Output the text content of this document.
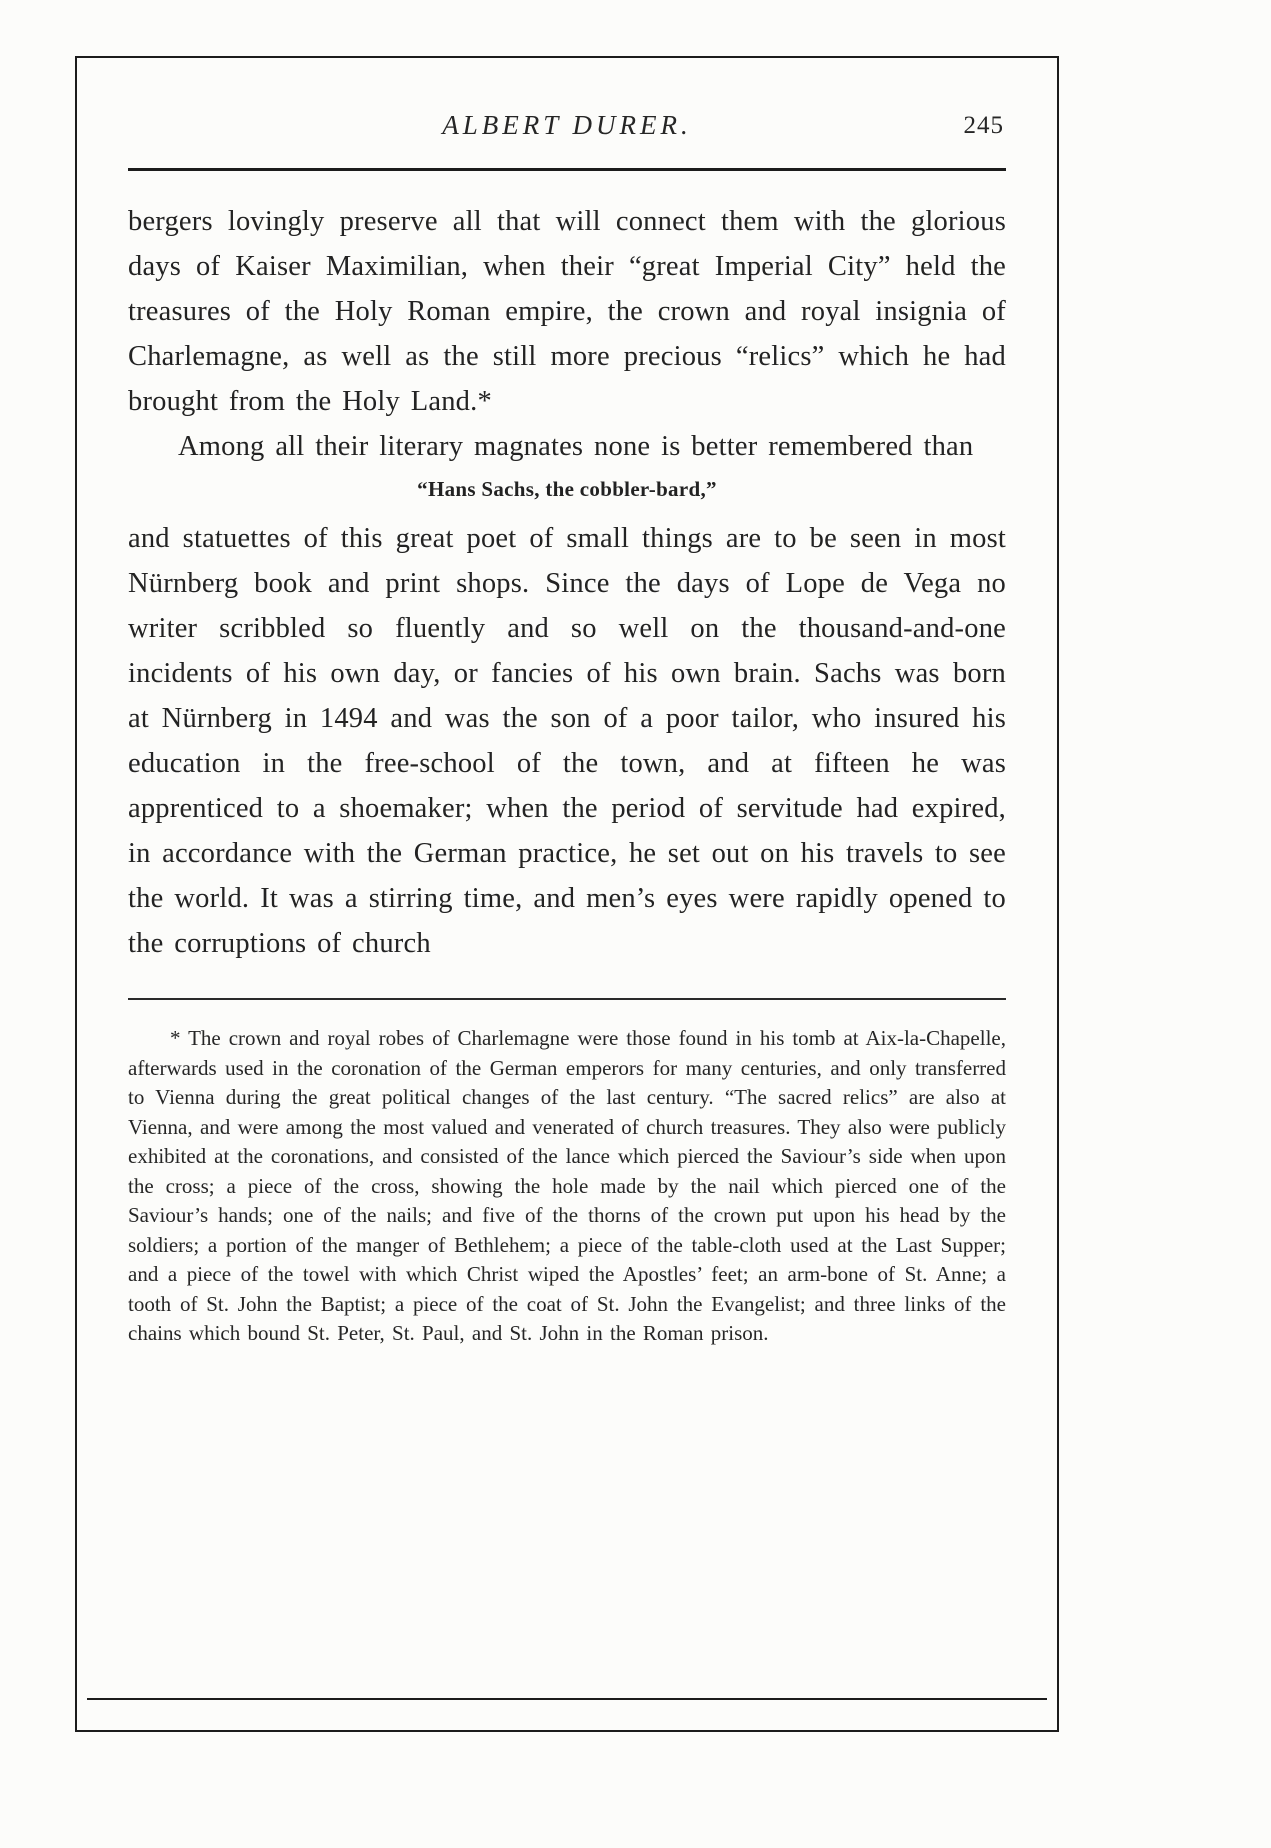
ALBERT DURER.	245

bergers lovingly preserve all that will connect them with the glorious days of Kaiser Maximilian, when their “great Imperial City” held the treasures of the Holy Roman empire, the crown and royal insignia of Charlemagne, as well as the still more precious “relics” which he had brought from the Holy Land.*

Among all their literary magnates none is better remembered than

“Hans Sachs, the cobbler-bard,”

and statuettes of this great poet of small things are to be seen in most Nürnberg book and print shops. Since the days of Lope de Vega no writer scribbled so fluently and so well on the thousand-and-one incidents of his own day, or fancies of his own brain. Sachs was born at Nürnberg in 1494 and was the son of a poor tailor, who insured his education in the free-school of the town, and at fifteen he was apprenticed to a shoemaker; when the period of servitude had expired, in accordance with the German practice, he set out on his travels to see the world. It was a stirring time, and men’s eyes were rapidly opened to the corruptions of church

* The crown and royal robes of Charlemagne were those found in his tomb at Aix-la-Chapelle, afterwards used in the coronation of the German emperors for many centuries, and only transferred to Vienna during the great political changes of the last century. “The sacred relics” are also at Vienna, and were among the most valued and venerated of church treasures. They also were publicly exhibited at the coronations, and consisted of the lance which pierced the Saviour’s side when upon the cross; a piece of the cross, showing the hole made by the nail which pierced one of the Saviour’s hands; one of the nails; and five of the thorns of the crown put upon his head by the soldiers; a portion of the manger of Bethlehem; a piece of the table-cloth used at the Last Supper; and a piece of the towel with which Christ wiped the Apostles’ feet; an arm-bone of St. Anne; a tooth of St. John the Baptist; a piece of the coat of St. John the Evangelist; and three links of the chains which bound St. Peter, St. Paul, and St. John in the Roman prison.
